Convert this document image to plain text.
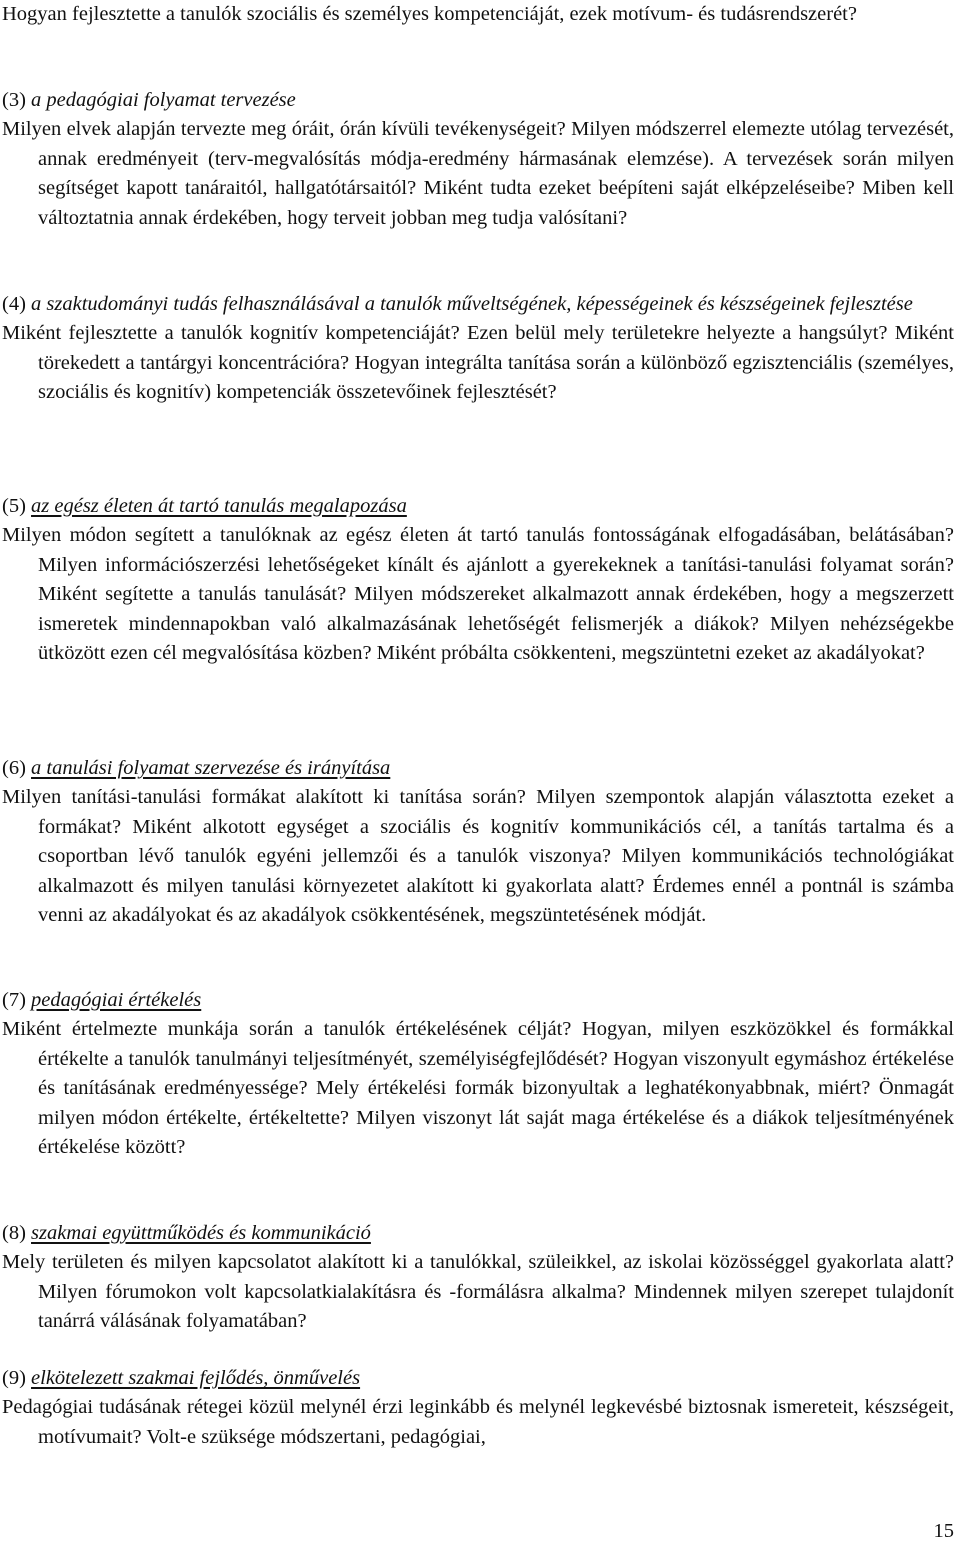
Hogyan fejlesztette a tanulók szociális és személyes kompetenciáját, ezek motívum- és tudásrendszerét?

(3) a pedagógiai folyamat tervezése

Milyen elvek alapján tervezte meg óráit, órán kívüli tevékenységeit? Milyen módszerrel elemezte utólag tervezését, annak eredményeit (terv-megvalósítás módja-eredmény hármasának elemzése). A tervezések során milyen segítséget kapott tanáraitól, hallgatótársaitól? Miként tudta ezeket beépíteni saját elképzeléseibe? Miben kell változtatnia annak érdekében, hogy terveit jobban meg tudja valósítani?

(4) a szaktudományi tudás felhasználásával a tanulók műveltségének, képességeinek és készségeinek fejlesztése

Miként fejlesztette a tanulók kognitív kompetenciáját? Ezen belül mely területekre helyezte a hangsúlyt? Miként törekedett a tantárgyi koncentrációra? Hogyan integrálta tanítása során a különböző egzisztenciális (személyes, szociális és kognitív) kompetenciák összetevőinek fejlesztését?

(5) az egész életen át tartó tanulás megalapozása

Milyen módon segített a tanulóknak az egész életen át tartó tanulás fontosságának elfogadásában, belátásában? Milyen információszerzési lehetőségeket kínált és ajánlott a gyerekeknek a tanítási-tanulási folyamat során? Miként segítette a tanulás tanulását? Milyen módszereket alkalmazott annak érdekében, hogy a megszerzett ismeretek mindennapokban való alkalmazásának lehetőségét felismerjék a diákok? Milyen nehézségekbe ütközött ezen cél megvalósítása közben? Miként próbálta csökkenteni, megszüntetni ezeket az akadályokat?

(6) a tanulási folyamat szervezése és irányítása

Milyen tanítási-tanulási formákat alakított ki tanítása során? Milyen szempontok alapján választotta ezeket a formákat? Miként alkotott egységet a szociális és kognitív kommunikációs cél, a tanítás tartalma és a csoportban lévő tanulók egyéni jellemzői és a tanulók viszonya? Milyen kommunikációs technológiákat alkalmazott és milyen tanulási környezetet alakított ki gyakorlata alatt? Érdemes ennél a pontnál is számba venni az akadályokat és az akadályok csökkentésének, megszüntetésének módját.

(7) pedagógiai értékelés

Miként értelmezte munkája során a tanulók értékelésének célját? Hogyan, milyen eszközökkel és formákkal értékelte a tanulók tanulmányi teljesítményét, személyiségfejlődését? Hogyan viszonyult egymáshoz értékelése és tanításának eredményessége? Mely értékelési formák bizonyultak a leghatékonyabbnak, miért? Önmagát milyen módon értékelte, értékeltette? Milyen viszonyt lát saját maga értékelése és a diákok teljesítményének értékelése között?

(8) szakmai együttműködés és kommunikáció

Mely területen és milyen kapcsolatot alakított ki a tanulókkal, szüleikkel, az iskolai közösséggel gyakorlata alatt? Milyen fórumokon volt kapcsolatkialakításra és -formálásra alkalma? Mindennek milyen szerepet tulajdonít tanárrá válásának folyamatában?

(9) elkötelezett szakmai fejlődés, önművelés

Pedagógiai tudásának rétegei közül melynél érzi leginkább és melynél legkevésbé biztosnak ismereteit, készségeit, motívumait? Volt-e szüksége módszertani, pedagógiai,

15
